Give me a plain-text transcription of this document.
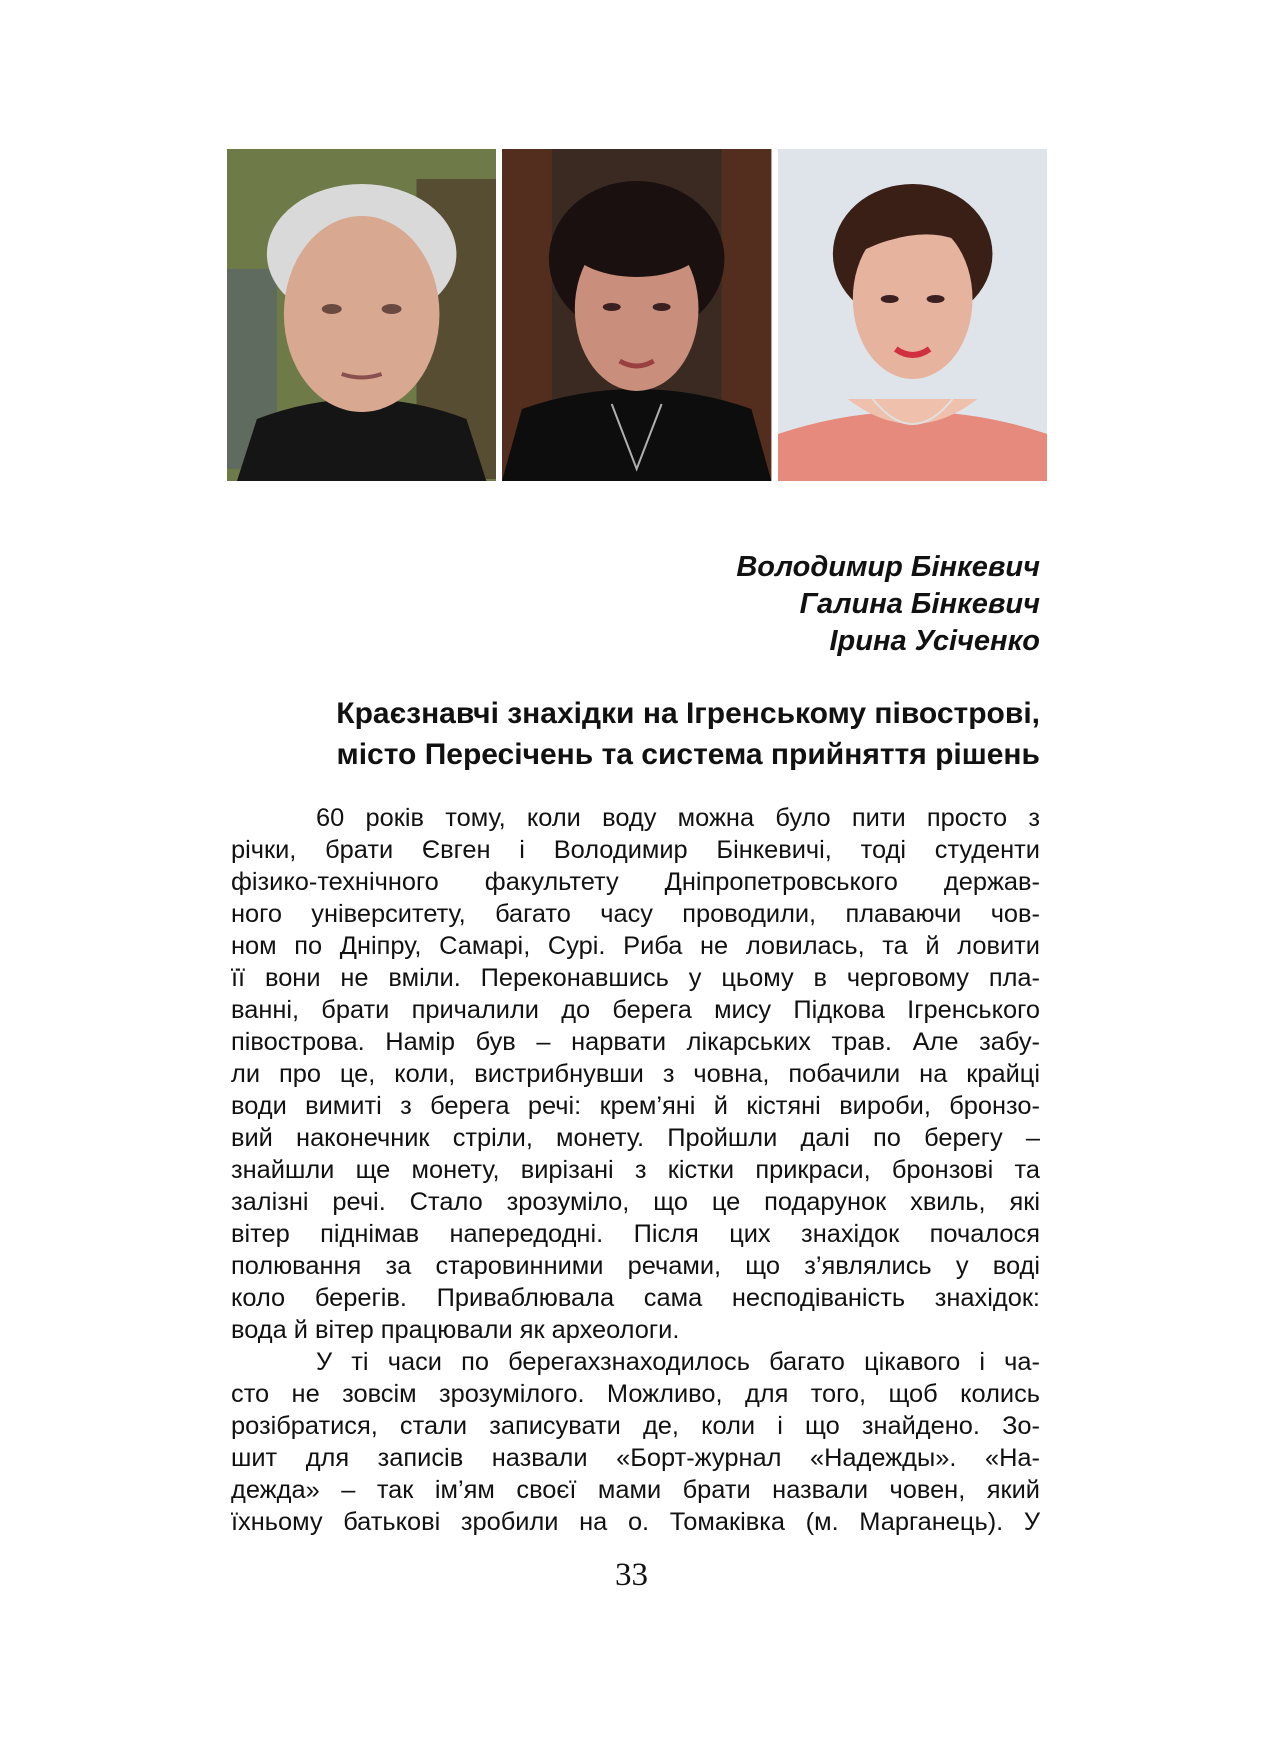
Володимир Бінкевич
Галина Бінкевич
Ірина Усіченко
Краєзнавчі знахідки на Ігренському півострові,
місто Пересічень та система прийняття рішень
60 років тому, коли воду можна було пити просто з
річки, брати Євген і Володимир Бінкевичі, тоді студенти
фізико-технічного факультету Дніпропетровського держав-
ного університету, багато часу проводили, плаваючи чов-
ном по Дніпру, Самарі, Сурі. Риба не ловилась, та й ловити
її вони не вміли. Переконавшись у цьому в черговому пла-
ванні, брати причалили до берега мису Підкова Ігренського
півострова. Намір був – нарвати лікарських трав. Але забу-
ли про це, коли, вистрибнувши з човна, побачили на крайці
води вимиті з берега речі: крем’яні й кістяні вироби, бронзо-
вий наконечник стріли, монету. Пройшли далі по берегу –
знайшли ще монету, вирізані з кістки прикраси, бронзові та
залізні речі. Стало зрозуміло, що це подарунок хвиль, які
вітер піднімав напередодні. Після цих знахідок почалося
полювання за старовинними речами, що з’являлись у воді
коло берегів. Приваблювала сама несподіваність знахідок:
вода й вітер працювали як археологи.
У ті часи по берегахзнаходилось багато цікавого і ча-
сто не зовсім зрозумілого. Можливо, для того, щоб колись
розібратися, стали записувати де, коли і що знайдено. Зо-
шит для записів назвали «Борт-журнал «Надежды». «На-
дежда» – так ім’ям своєї мами брати назвали човен, який
їхньому батькові зробили на о. Томаківка (м. Марганець). У
33
